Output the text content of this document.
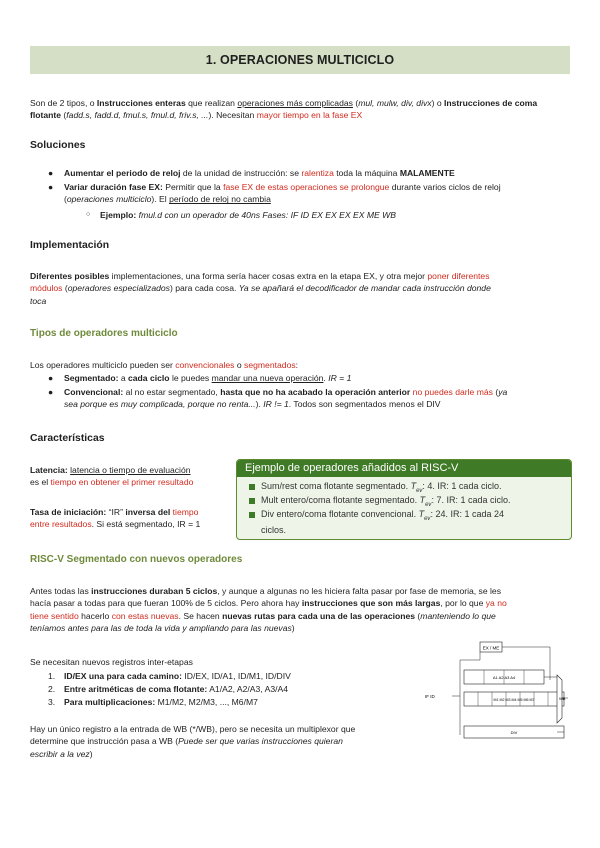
1. OPERACIONES MULTICICLO
Son de 2 tipos, o Instrucciones enteras que realizan operaciones más complicadas (mul, mulw, div, divx) o Instrucciones de coma flotante (fadd.s, fadd.d, fmul.s, fmul.d, friv.s, ...). Necesitan mayor tiempo en la fase EX
Soluciones
● Aumentar el periodo de reloj de la unidad de instrucción: se ralentiza toda la máquina MALAMENTE
● Variar duración fase EX: Permitir que la fase EX de estas operaciones se prolongue durante varios ciclos de reloj
(operaciones multiciclo). El período de reloj no cambia
○ Ejemplo: fmul.d con un operador de 40ns Fases: IF ID EX EX EX EX ME WB
Implementación
Diferentes posibles implementaciones, una forma sería hacer cosas extra en la etapa EX, y otra mejor poner diferentes
módulos (operadores especializados) para cada cosa. Ya se apañará el decodificador de mandar cada instrucción donde
toca
Tipos de operadores multiciclo
Los operadores multiciclo pueden ser convencionales o segmentados:
● Segmentado: a cada ciclo le puedes mandar una nueva operación. IR = 1
● Convencional: al no estar segmentado, hasta que no ha acabado la operación anterior no puedes darle más (ya
sea porque es muy complicada, porque no renta...). IR != 1. Todos son segmentados menos el DIV
Características
Latencia: latencia o tiempo de evaluación
es el tiempo en obtener el primer resultado
Tasa de iniciación: “IR” inversa del tiempo
entre resultados. Si está segmentado, IR = 1
Ejemplo de operadores añadidos al RISC-V
Sum/rest coma flotante segmentado. $T_{ev}$: 4. IR: 1 cada ciclo.
Mult entero/coma flotante segmentado. $T_{ev}$: 7. IR: 1 cada ciclo.
Div entero/coma flotante convencional. $T_{ev}$: 24. IR: 1 cada 24
ciclos.
RISC-V Segmentado con nuevos operadores
Antes todas las instrucciones duraban 5 ciclos, y aunque a algunas no les hiciera falta pasar por fase de memoria, se les
hacía pasar a todas para que fueran 100% de 5 ciclos. Pero ahora hay instrucciones que son más largas, por lo que ya no
tiene sentido hacerlo con estas nuevas. Se hacen nuevas rutas para cada una de las operaciones (manteniendo lo que
teníamos antes para las de toda la vida y ampliando para las nuevas)
Se necesitan nuevos registros inter-etapas
1. ID/EX una para cada camino: ID/EX, ID/A1, ID/M1, ID/DIV
2. Entre aritméticas de coma flotante: A1/A2, A2/A3, A3/A4
3. Para multiplicaciones: M1/M2, M2/M3, ..., M6/M7
Hay un único registro a la entrada de WB (*/WB), pero se necesita un multiplexor que
determine que instrucción pasa a WB (Puede ser que varias instrucciones quieran
escribir a la vez)
EX / ME
IF ID
A1 A2 A3 A4
M1 M2 M3 M4 M5 M6 M7
DIV
WB
